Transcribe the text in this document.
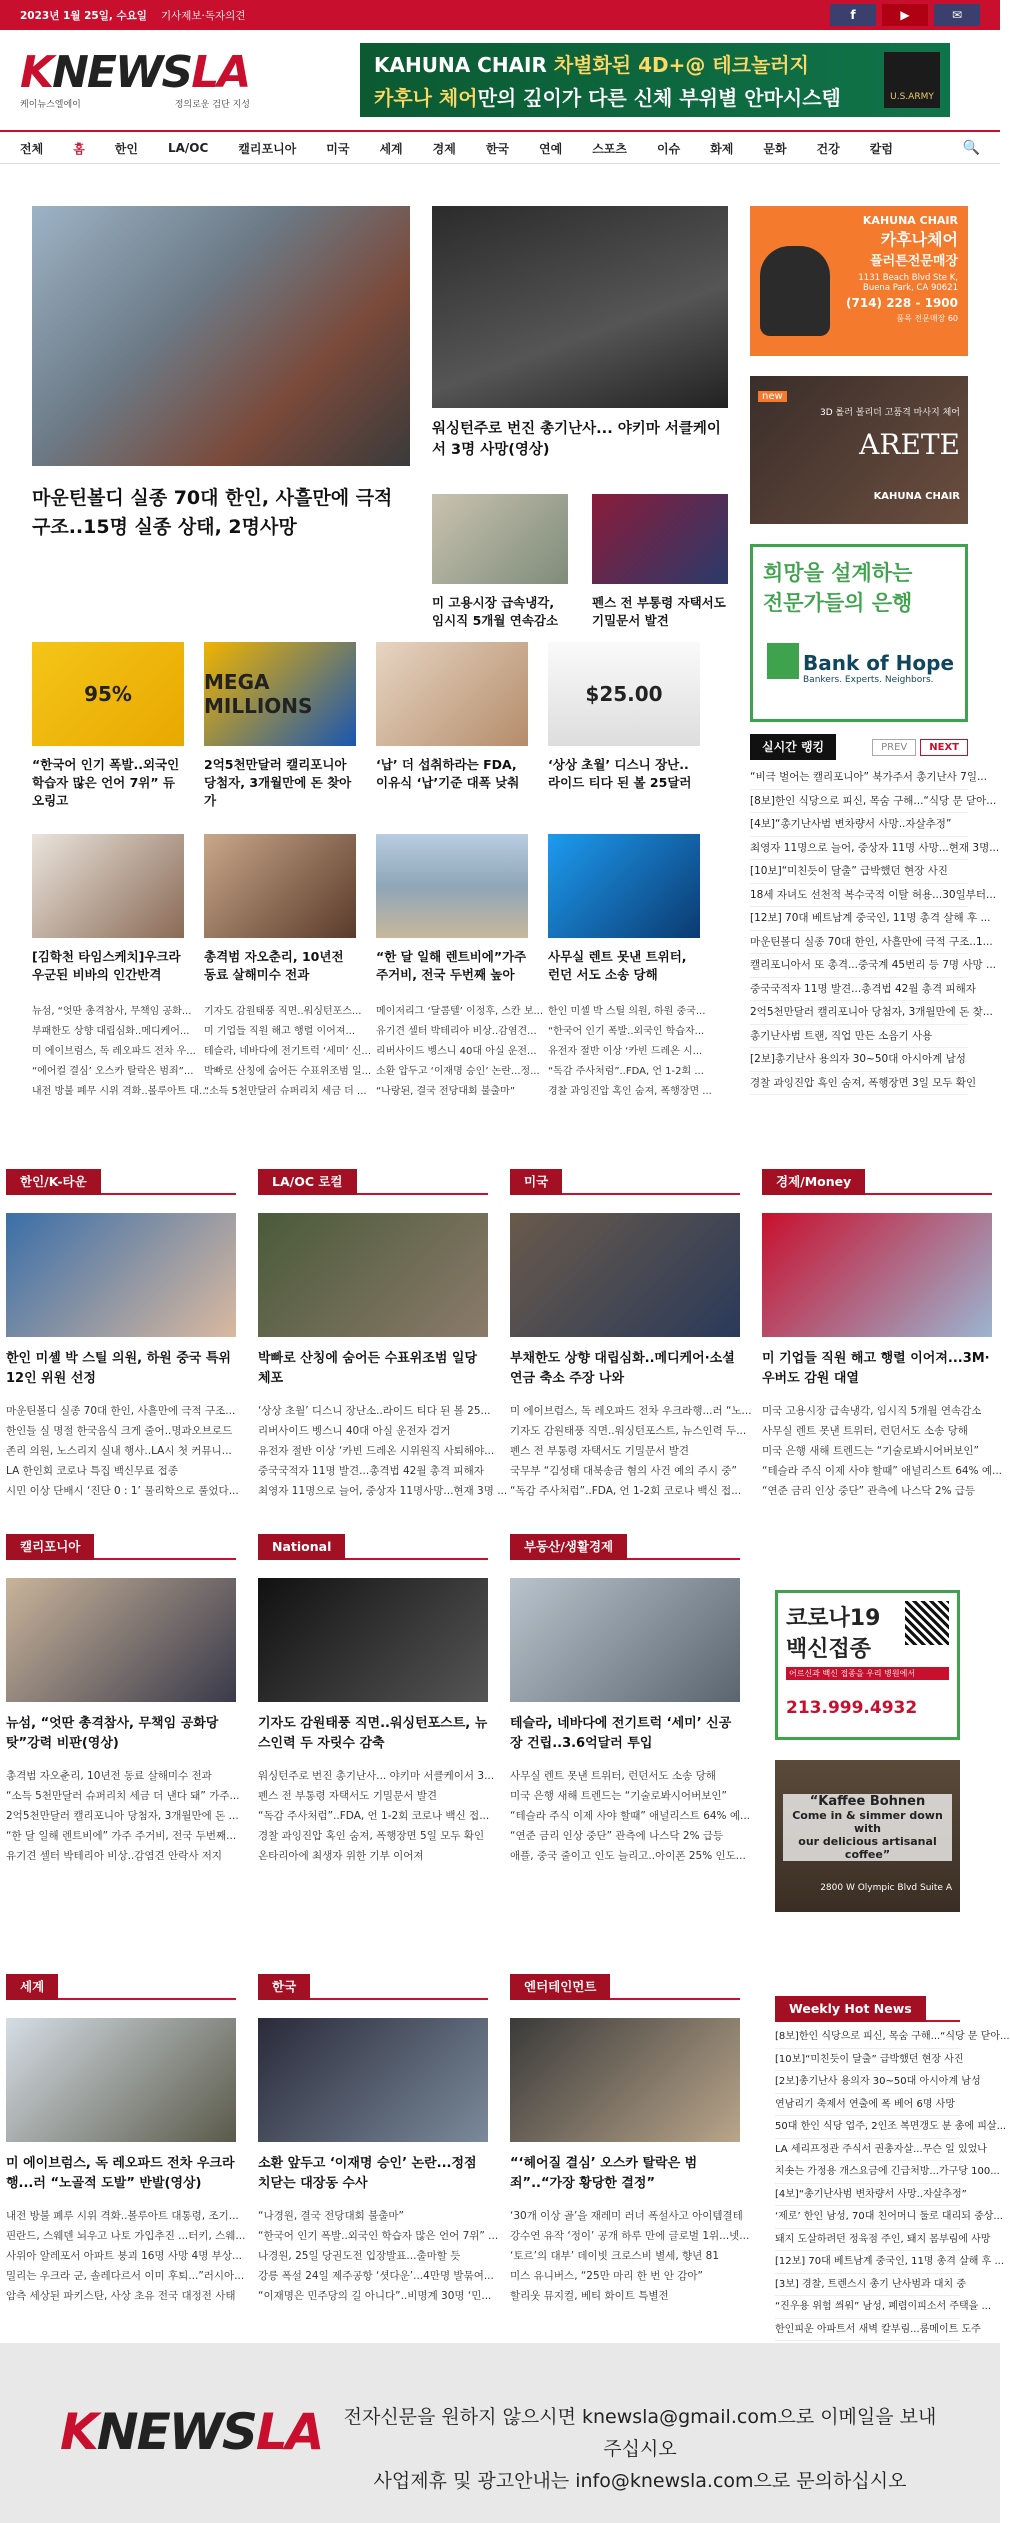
2023년 1월 25일, 수요일 기사제보·독자의견	f	▶	✉
KNEWSLA
케이뉴스엘에이	정의로운 검단 지성
KAHUNA CHAIR 차별화된 4D+@ 테크놀러지
카후나 체어만의 깊이가 다른 신체 부위별 안마시스템	U.S.ARMY
전체	홈	한인	LA/OC	캘리포니아	미국	세계	경제	한국	연예	스포츠	이슈	화제	문화	건강	칼럼	🔍
마운틴볼디 실종 70대 한인, 사흘만에 극적 구조..15명 실종 상태, 2명사망
워싱턴주로 번진 총기난사... 야키마 서클케이서 3명 사망(영상)
미 고용시장 급속냉각, 임시직 5개월 연속감소
펜스 전 부통령 자택서도 기밀문서 발견
95%
“한국어 인기 폭발..외국인 학습자 많은 언어 7위” 듀오링고
MEGA MILLIONS
2억5천만달러 캘리포니아 당첨자, 3개월만에 돈 찾아가
‘납’ 더 섭취하라는 FDA, 이유식 ‘납’기준 대폭 낮춰
$25.00
‘상상 초월’ 디스니 장난..라이드 티다 된 볼 25달러
[김학천 타임스케치]우크라 우군된 비바의 인간반격
뉴섬, “엇딴 총격참사, 무책임 공화...
부패한도 상향 대립심화..메디케어...
미 에이브럼스, 독 레오파드 전차 우...
“에어컬 결심’ 오스카 탈락은 범죄”...
내전 방불 폐무 시위 격화..볼루아트 대...
총격범 자오춘리, 10년전 동료 살해미수 전과
기자도 감원태풍 직면..워싱턴포스...
미 기업들 직원 해고 행렬 이어져...
테슬라, 네바다에 전기트럭 ‘세미’ 신...
박빠로 산칭에 숨어든 수표위조범 일...
“소득 5천만달러 슈퍼리치 세금 더 ...
“한 달 일해 렌트비에”가주 주거비, 전국 두번째 높아
메이저리그 ‘달콤텔’ 이정후, 스칸 보...
유기견 셀터 박테리아 비상..감염견...
리버사이드 벵스니 40대 아실 운전...
소환 압두고 ‘이재명 승인’ 논란...정...
“나랑된, 결국 전당대회 불출마”
사무실 렌트 못낸 트위터, 런던 서도 소송 당해
한인 미셸 박 스틸 의원, 하원 중국...
“한국어 인기 폭발..외국인 학습자...
유전자 절반 이상 ‘카빈 드레온 시...
“독감 주사처럼”..FDA, 언 1-2회 ...
경찰 과잉진압 혹인 숨져, 폭행장면 ...
KAHUNA CHAIR
카후나체어
플러튼전문매장
1131 Beach Blvd Ste K, Buena Park, CA 90621
(714) 228 - 1900
품목 전문매장 60
new
3D 롤러 볼리더 고품격 마사지 체어
ARETE
KAHUNA CHAIR
희망을 설계하는
전문가들의 은행
Bank of Hope
Bankers. Experts. Neighbors.
실시간 랭킹	PREV	NEXT
“비극 벌어는 캘리포니아” 북가주서 총기난사 7일...
[8보]한인 식당으로 피신, 목숨 구해...“식당 문 닫아...
[4보]“총기난사범 변차량서 사망..자살추정”
최영자 11명으로 늘어, 중상자 11명 사망...현재 3명...
[10보]“미친듯이 달출” 급박했던 현장 사진
18세 자녀도 선천적 복수국적 이탈 허용...30일부터...
[12보] 70대 베트남계 중국인, 11명 총격 살해 후 ...
마운틴볼디 실종 70대 한인, 사흘만에 극적 구조..1...
캘리포니아서 또 총격...중국계 45번리 등 7명 사망 ...
중국국적자 11명 발견...총격법 42월 총격 피해자
2억5천만달러 캘리포니아 당첨자, 3개월만에 돈 찾...
총기난사범 트랜, 직업 만든 소음기 사용
[2보]총기난사 용의자 30~50대 아시아계 남성
경찰 과잉진압 흑인 숨져, 폭행장면 3일 모두 확인
한인/K-타운
한인 미셸 박 스틸 의원, 하원 중국 특위 12인 위원 선정
마운틴볼디 실종 70대 한인, 사흘만에 극적 구조...
한인들 실 명절 한국음식 크게 줄어..명과오브로드
존리 의원, 노스리지 실내 행사..LA시 첫 커뮤니...
LA 한인회 코로나 특집 백신무료 접종
시민 이상 단배시 ‘진단 0 : 1’ 물리학으로 풀었다...
LA/OC 로컬
박빠로 산칭에 숨어든 수표위조범 일당 체포
‘상상 초월’ 디스니 장난소..라이드 티다 된 볼 25...
리버사이드 벵스니 40대 아실 운전자 검거
유전자 절반 이상 ‘카빈 드레온 시위원직 사퇴해야...
중국국적자 11명 발견...총격법 42월 총격 피해자
최영자 11명으로 늘어, 중상자 11명사망...현재 3명 ...
미국
부채한도 상향 대립심화..메디케어·소셜연금 축소 주장 나와
미 에이브럼스, 독 레오파드 전차 우크라행...러 “노...
기자도 감원태풍 직면..워싱턴포스트, 뉴스인력 두...
펜스 전 부통령 자택서도 기밀문서 발견
국무부 “김성태 대북송금 혐의 사건 예의 주시 중”
“독감 주사처럼”..FDA, 언 1-2회 코로나 백신 접...
경제/Money
미 기업들 직원 해고 행렬 이어져...3M·우버도 감원 대열
미국 고용시장 급속냉각, 임시직 5개월 연속감소
사무실 렌트 못낸 트위터, 런던서도 소송 당해
미국 은행 새해 트렌드는 “기술로봐시어버보인”
“테슬라 주식 이제 사야 할때” 애널리스트 64% 예...
“연준 금리 인상 중단” 관측에 나스닥 2% 급등
캘리포니아
뉴섬, “엇딴 총격참사, 무책임 공화당 탓”강력 비판(영상)
총격범 자오춘리, 10년전 동료 살해미수 전과
“소득 5천만달러 슈퍼리치 세금 더 낸다 돼” 가주...
2억5천만달러 캘리포니아 당첨자, 3개월만에 돈 ...
“한 달 일해 렌트비에” 가주 주거비, 전국 두번째...
유기견 셀터 박테리아 비상..감염견 안락사 저지
National
기자도 감원태풍 직면..워싱턴포스트, 뉴스인력 두 자릿수 감축
워싱턴주로 번진 총기난사... 야키마 서클케이서 3...
펜스 전 부통령 자택서도 기밀문서 발견
“독감 주사처럼”..FDA, 언 1-2회 코로나 백신 접...
경찰 과잉진압 혹인 숨져, 폭행장면 5일 모두 확인
온타리아에 최생자 위한 기부 이어져
부동산/생활경제
테슬라, 네바다에 전기트럭 ‘세미’ 신공장 건립..3.6억달러 투입
사무실 렌트 못낸 트위터, 런던서도 소송 당해
미국 은행 새해 트렌드는 “기술로봐시어버보인”
“테슬라 주식 이제 사야 할때” 애널리스트 64% 예...
“연준 금리 인상 중단” 관측에 나스닥 2% 급등
애플, 중국 줄이고 인도 늘리고..아이폰 25% 인도...
세계
미 에이브럼스, 독 레오파드 전차 우크라행...러 “노골적 도발” 반발(영상)
내전 방불 폐루 시위 격화..볼루아트 대통령, 조기...
핀란드, 스웨덴 뇌우고 나토 가입추진 ...터키, 스웨...
사위아 알레포서 아파트 붕괴 16명 사망 4명 부상...
밀리는 우크라 군, 솔레다르서 이미 후퇴...”러시아...
암측 세상된 파키스탄, 사상 초유 전국 대정전 사태
한국
소환 앞두고 ‘이재명 승인’ 논란...정점 치닫는 대장동 수사
“나경원, 결국 전당대회 불출마”
“한국어 인기 폭발..외국인 학습자 많은 언어 7위” ...
나경원, 25일 당권도전 입장발표...출마할 듯
강릉 폭설 24일 제주공항 ‘셧다운’...4만명 발묶여...
“이재명은 민주당의 길 아니다”..비명계 30명 ‘민...
엔터테인먼트
“‘헤어질 결심’ 오스카 탈락은 범죄”..“가장 황당한 결정”
‘30개 이상 골’을 재레미 러너 폭설사고 아이템결테
강수연 유작 ‘정이’ 공개 하루 만에 글로벌 1위...넷...
‘토르’의 대부’ 데이빗 크로스비 별세, 향년 81
미스 유니버스, “25만 마리 한 번 안 감아”
할리웃 뮤지컬, 베티 화이트 특별전
코로나19
백신접종
어르신과 백신 접종을 우리 병원에서
213.999.4932
“Kaffee Bohnen
Come in & simmer down with
our delicious artisanal coffee”
2800 W Olympic Blvd Suite A
Weekly Hot News
[8보]한인 식당으로 피신, 목숨 구해...“식당 문 닫아...
[10보]“미친듯이 달출” 급박했던 현장 사진
[2보]총기난사 용의자 30~50대 아시아계 남성
연남리기 축제서 연출에 폭 베어 6명 사망
50대 한인 식당 업주, 2인조 복면갱도 분 총에 피살...
LA 세리프정관 주식서 권총자살...무슨 일 있었나
치솟는 가정용 개스요금에 긴급처방...가구당 100...
[4보]“총기난사범 변차량서 사망..자살추정”
‘제로’ 한인 남성, 70대 친어머니 둘로 대리되 중상...
돼지 도살하려던 정육점 주인, 돼지 몸부림에 사망
[12보] 70대 베트남계 중국인, 11명 총격 살해 후 ...
[3보] 경찰, 트렌스시 총기 난사범과 대치 중
“진우용 위험 씌워” 남성, 폐렴이피소서 주택을 ...
한인피운 아파트서 새벽 칼부림...룸메이트 도주
KNEWSLA 전자신문을 원하지 않으시면 knewsla@gmail.com으로 이메일을 보내주십시오
사업제휴 및 광고안내는 info@knewsla.com으로 문의하십시오
